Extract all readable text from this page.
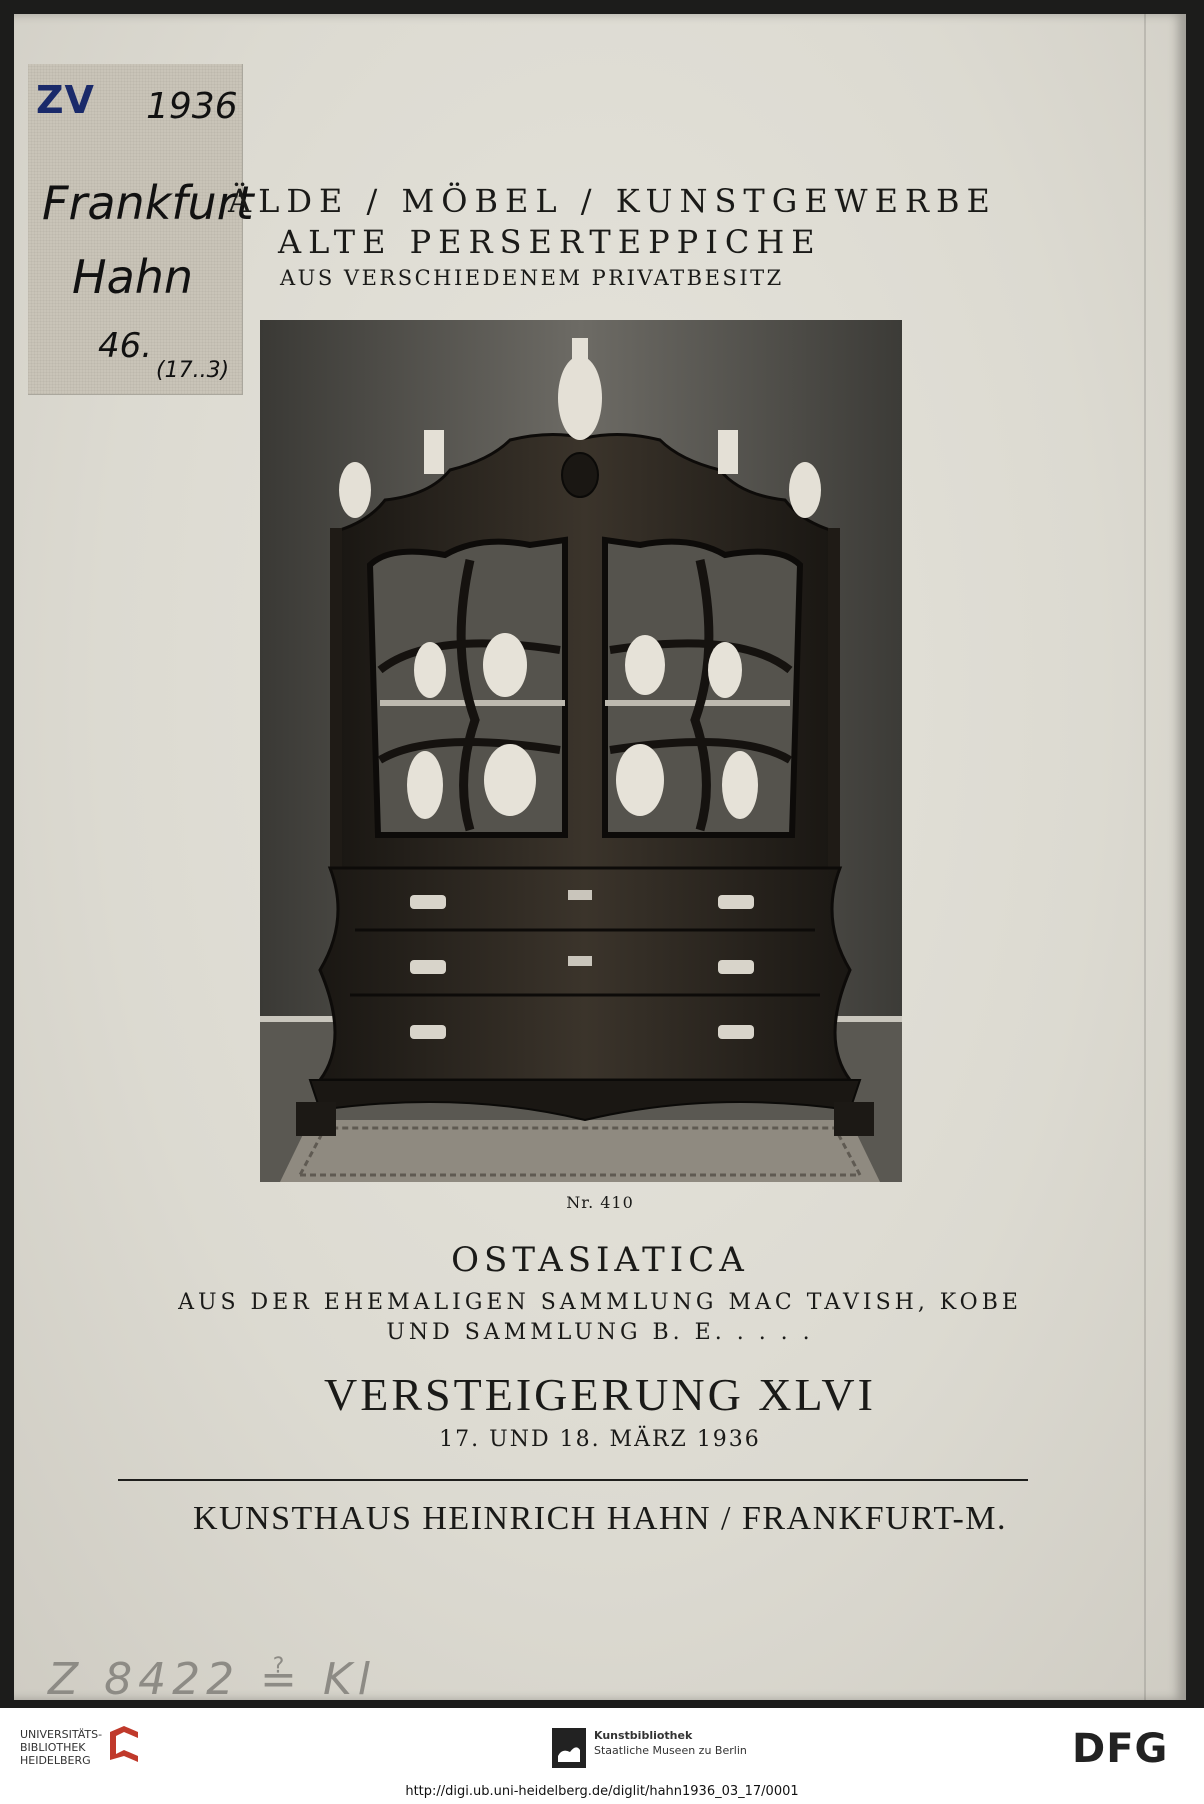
ZV 1936
Frankfurt
Hahn
46.
(17..3)
ÄLDE / MÖBEL / KUNSTGEWERBE
ALTE PERSERTEPPICHE
AUS VERSCHIEDENEM PRIVATBESITZ
Nr. 410
OSTASIATICA
AUS DER EHEMALIGEN SAMMLUNG MAC TAVISH, KOBE
UND SAMMLUNG B. E. . . . .
VERSTEIGERUNG XLVI
17. UND 18. MÄRZ 1936
KUNSTHAUS HEINRICH HAHN / FRANKFURT-M.
Z 8422 ≟ Kl
UNIVERSITÄTS-
BIBLIOTHEK
HEIDELBERG
Kunstbibliothek
Staatliche Museen zu Berlin	DFG
http://digi.ub.uni-heidelberg.de/diglit/hahn1936_03_17/0001
